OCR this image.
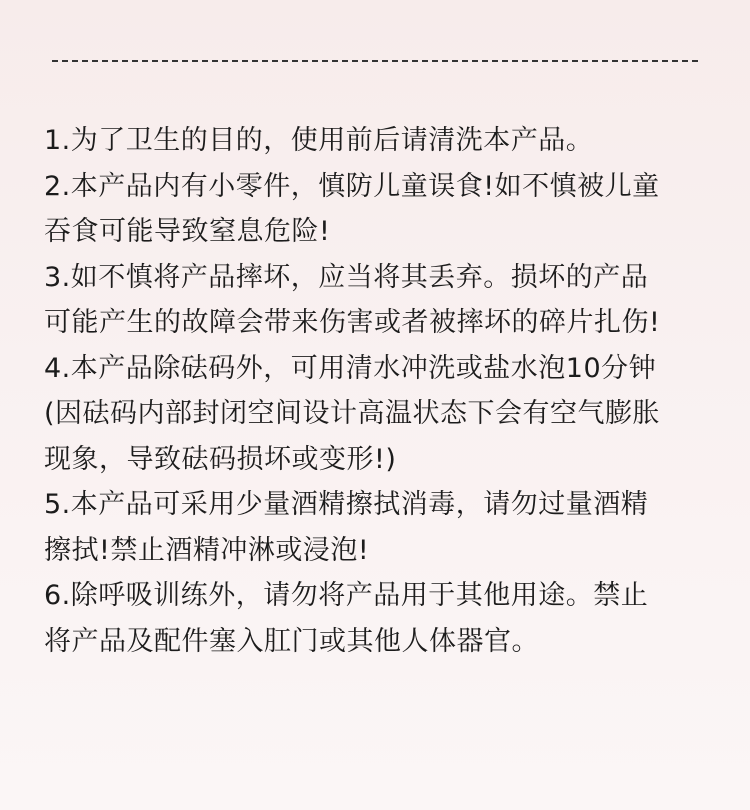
1.为了卫生的目的，使用前后请清洗本产品。
2.本产品内有小零件，慎防儿童误食!如不慎被儿童
吞食可能导致窒息危险!
3.如不慎将产品摔坏，应当将其丢弃。损坏的产品
可能产生的故障会带来伤害或者被摔坏的碎片扎伤!
4.本产品除砝码外，可用清水冲洗或盐水泡10分钟
(因砝码内部封闭空间设计高温状态下会有空气膨胀
现象，导致砝码损坏或变形!)
5.本产品可采用少量酒精擦拭消毒，请勿过量酒精
擦拭!禁止酒精冲淋或浸泡!
6.除呼吸训练外，请勿将产品用于其他用途。禁止
将产品及配件塞入肛门或其他人体器官。
